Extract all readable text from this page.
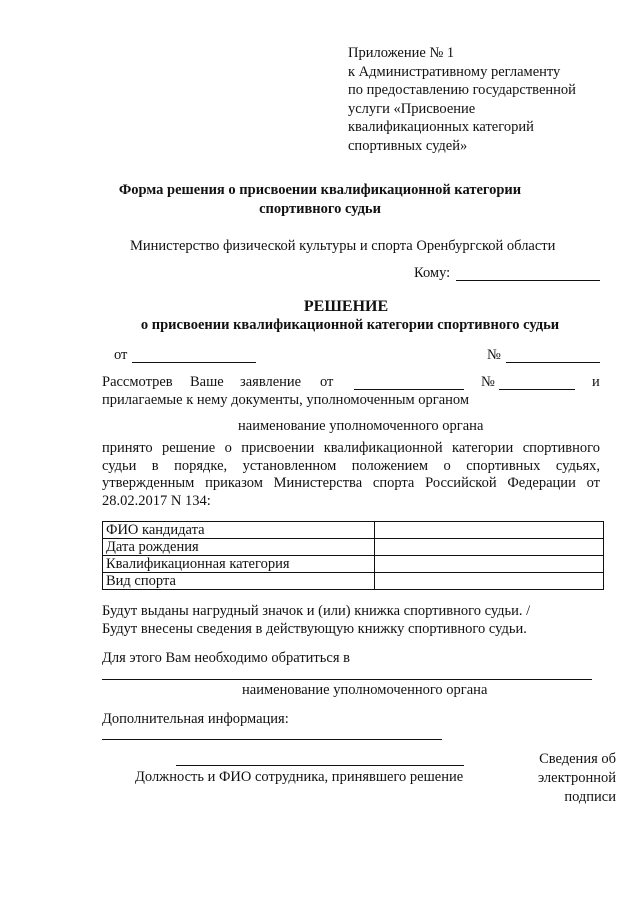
Приложение № 1
к Административному регламенту
по предоставлению государственной
услуги «Присвоение
квалификационных категорий
спортивных судей»
Форма решения о присвоении квалификационной категории
спортивного судьи
Министерство физической культуры и спорта Оренбургской области
Кому:
РЕШЕНИЕ
о присвоении квалификационной категории спортивного судьи
от	№
Рассмотрев Ваше заявление от	№	и
прилагаемые к нему документы, уполномоченным органом
наименование уполномоченного органа
принято решение о присвоении квалификационной категории спортивного судьи в порядке, установленном положением о спортивных судьях, утвержденным приказом Министерства спорта Российской Федерации от 28.02.2017 N 134:
ФИО кандидата	
Дата рождения	
Квалификационная категория	
Вид спорта	
Будут выданы нагрудный значок и (или) книжка спортивного судьи. /
Будут внесены сведения в действующую книжку спортивного судьи.
Для этого Вам необходимо обратиться в
наименование уполномоченного органа
Дополнительная информация:
Должность и ФИО сотрудника, принявшего решение
Сведения об
электронной
подписи
